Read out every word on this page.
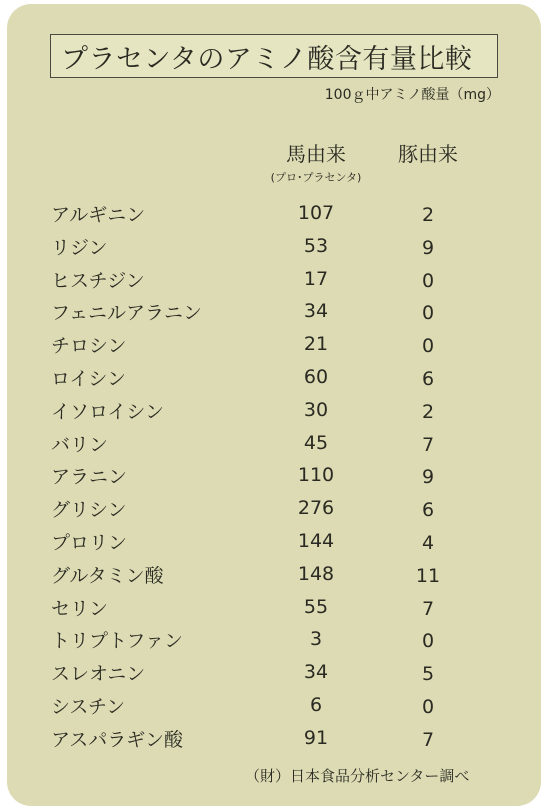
プラセンタのアミノ酸含有量比較
100ｇ中アミノ酸量（mg）
馬由来
(プロ･プラセンタ)
豚由来
アルギニン	107	2
リジン	53	9
ヒスチジン	17	0
フェニルアラニン	34	0
チロシン	21	0
ロイシン	60	6
イソロイシン	30	2
バリン	45	7
アラニン	110	9
グリシン	276	6
プロリン	144	4
グルタミン酸	148	11
セリン	55	7
トリプトファン	3	0
スレオニン	34	5
シスチン	6	0
アスパラギン酸	91	7
（財）日本食品分析センター調べ
